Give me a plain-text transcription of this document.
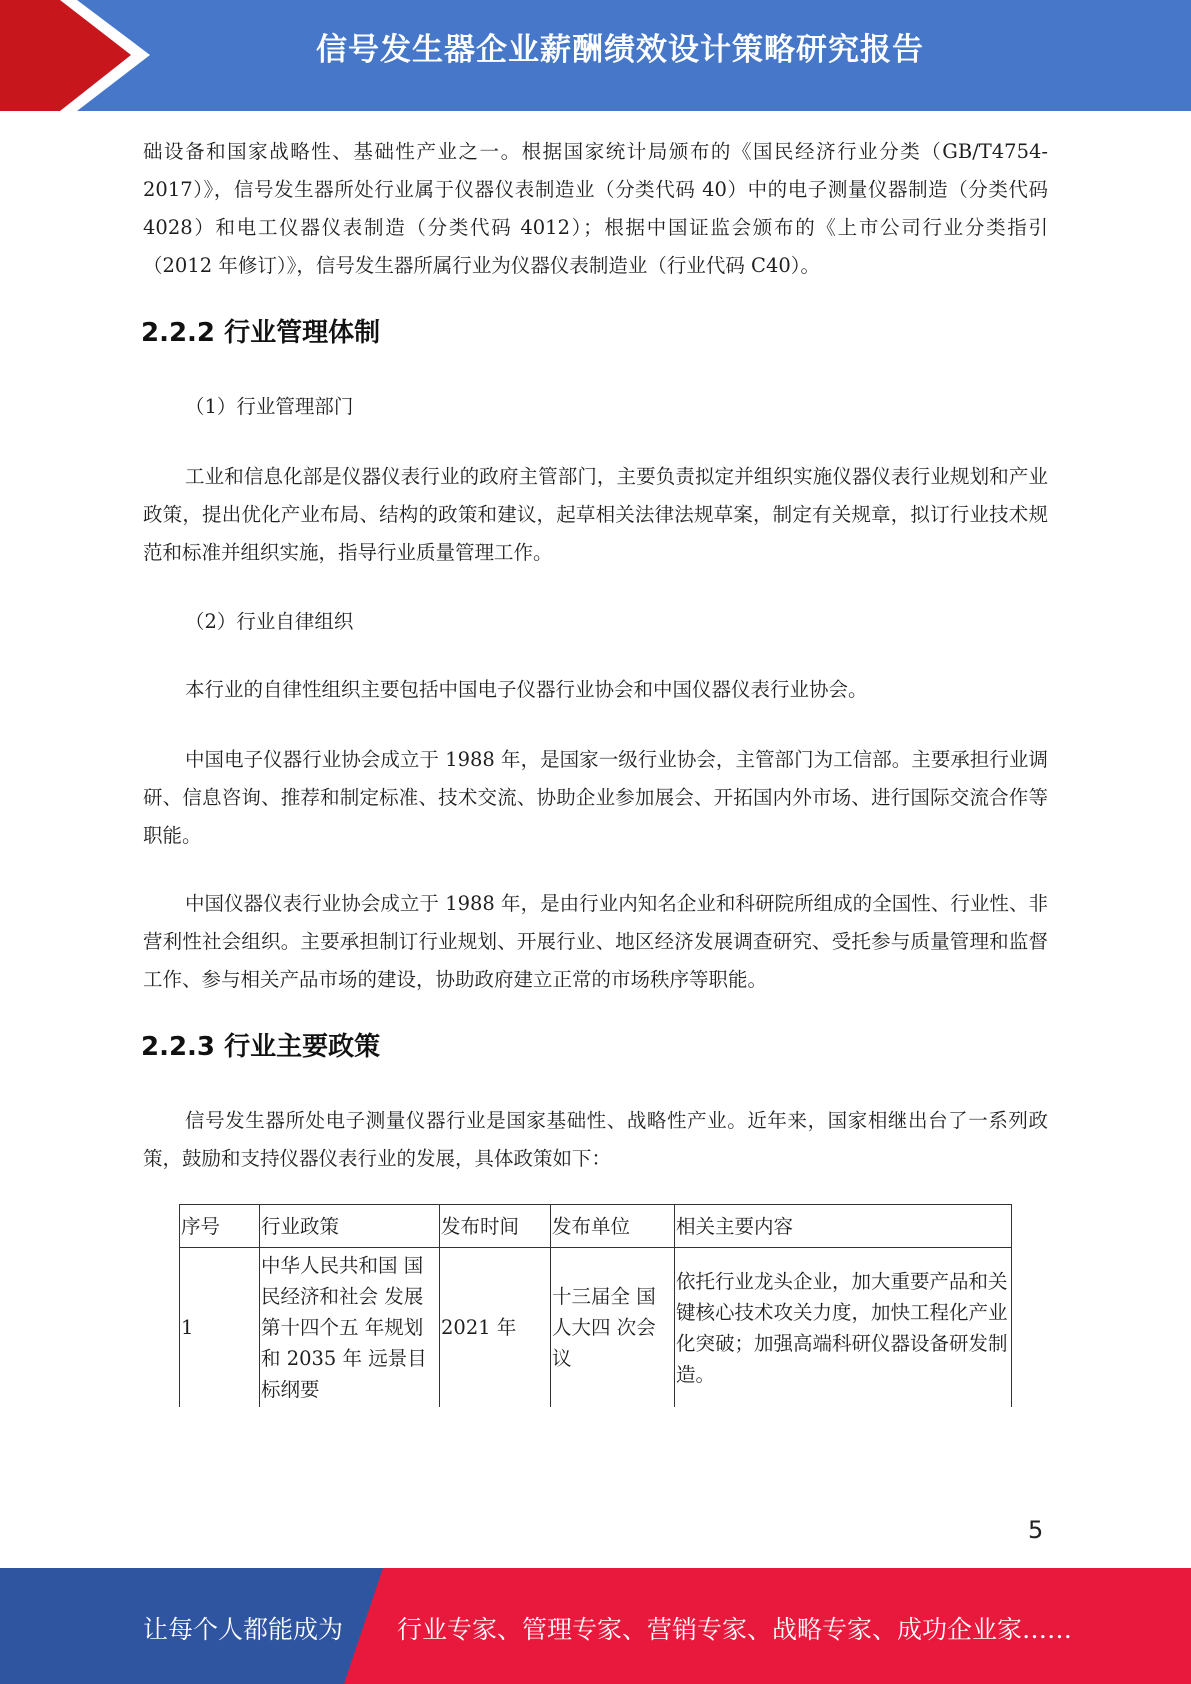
信号发生器企业薪酬绩效设计策略研究报告

础设备和国家战略性、基础性产业之一。根据国家统计局颁布的《国民经济行业分类（GB/T4754-2017）》，信号发生器所处行业属于仪器仪表制造业（分类代码 40）中的电子测量仪器制造（分类代码 4028）和电工仪器仪表制造（分类代码 4012）；根据中国证监会颁布的《上市公司行业分类指引（2012 年修订）》，信号发生器所属行业为仪器仪表制造业（行业代码 C40）。

2.2.2 行业管理体制

（1）行业管理部门

工业和信息化部是仪器仪表行业的政府主管部门，主要负责拟定并组织实施仪器仪表行业规划和产业政策，提出优化产业布局、结构的政策和建议，起草相关法律法规草案，制定有关规章，拟订行业技术规范和标准并组织实施，指导行业质量管理工作。

（2）行业自律组织

本行业的自律性组织主要包括中国电子仪器行业协会和中国仪器仪表行业协会。

中国电子仪器行业协会成立于 1988 年，是国家一级行业协会，主管部门为工信部。主要承担行业调研、信息咨询、推荐和制定标准、技术交流、协助企业参加展会、开拓国内外市场、进行国际交流合作等职能。

中国仪器仪表行业协会成立于 1988 年，是由行业内知名企业和科研院所组成的全国性、行业性、非营利性社会组织。主要承担制订行业规划、开展行业、地区经济发展调查研究、受托参与质量管理和监督工作、参与相关产品市场的建设，协助政府建立正常的市场秩序等职能。

2.2.3 行业主要政策

信号发生器所处电子测量仪器行业是国家基础性、战略性产业。近年来，国家相继出台了一系列政策，鼓励和支持仪器仪表行业的发展，具体政策如下：

序号	行业政策	发布时间	发布单位	相关主要内容
1	中华人民共和国 国民经济和社会 发展第十四个五 年规划和 2035 年 远景目标纲要	2021 年	十三届全 国人大四 次会议	依托行业龙头企业，加大重要产品和关键核心技术攻关力度，加快工程化产业化突破；加强高端科研仪器设备研发制造。
5
让每个人都能成为 行业专家、管理专家、营销专家、战略专家、成功企业家……
